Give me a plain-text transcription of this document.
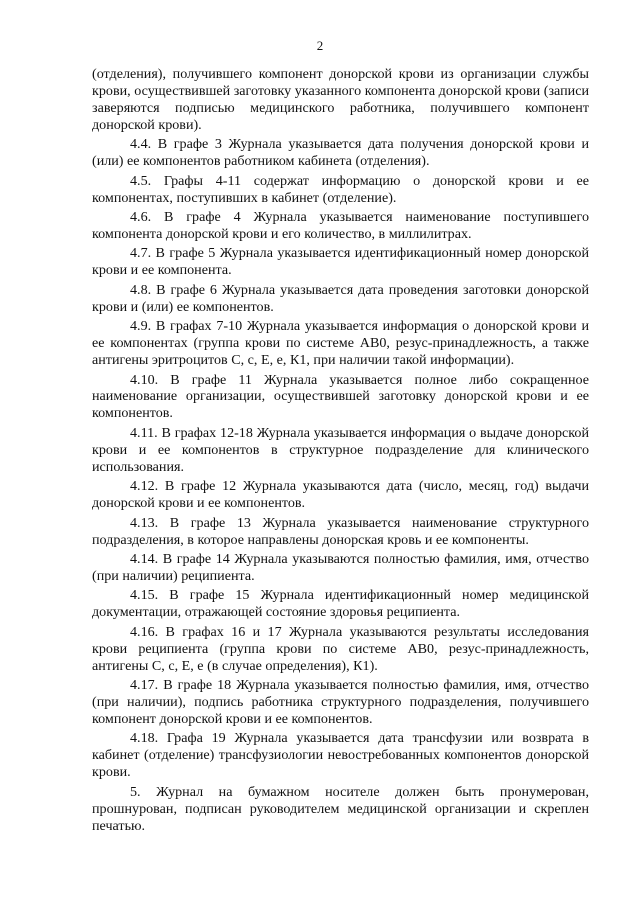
2

(отделения), получившего компонент донорской крови из организации службы крови, осуществившей заготовку указанного компонента донорской крови (записи заверяются подписью медицинского работника, получившего компонент донорской крови).

4.4. В графе 3 Журнала указывается дата получения донорской крови и (или) ее компонентов работником кабинета (отделения).

4.5. Графы 4-11 содержат информацию о донорской крови и ее компонентах, поступивших в кабинет (отделение).

4.6. В графе 4 Журнала указывается наименование поступившего компонента донорской крови и его количество, в миллилитрах.

4.7. В графе 5 Журнала указывается идентификационный номер донорской крови и ее компонента.

4.8. В графе 6 Журнала указывается дата проведения заготовки донорской крови и (или) ее компонентов.

4.9. В графах 7-10 Журнала указывается информация о донорской крови и ее компонентах (группа крови по системе АВ0, резус-принадлежность, а также антигены эритроцитов С, с, Е, е, К1, при наличии такой информации).

4.10. В графе 11 Журнала указывается полное либо сокращенное наименование организации, осуществившей заготовку донорской крови и ее компонентов.

4.11. В графах 12-18 Журнала указывается информация о выдаче донорской крови и ее компонентов в структурное подразделение для клинического использования.

4.12. В графе 12 Журнала указываются дата (число, месяц, год) выдачи донорской крови и ее компонентов.

4.13. В графе 13 Журнала указывается наименование структурного подразделения, в которое направлены донорская кровь и ее компоненты.

4.14. В графе 14 Журнала указываются полностью фамилия, имя, отчество (при наличии) реципиента.

4.15. В графе 15 Журнала идентификационный номер медицинской документации, отражающей состояние здоровья реципиента.

4.16. В графах 16 и 17 Журнала указываются результаты исследования крови реципиента (группа крови по системе АВ0, резус-принадлежность, антигены С, с, Е, е (в случае определения), К1).

4.17. В графе 18 Журнала указывается полностью фамилия, имя, отчество (при наличии), подпись работника структурного подразделения, получившего компонент донорской крови и ее компонентов.

4.18. Графа 19 Журнала указывается дата трансфузии или возврата в кабинет (отделение) трансфузиологии невостребованных компонентов донорской крови.

5. Журнал на бумажном носителе должен быть пронумерован, прошнурован, подписан руководителем медицинской организации и скреплен печатью.
